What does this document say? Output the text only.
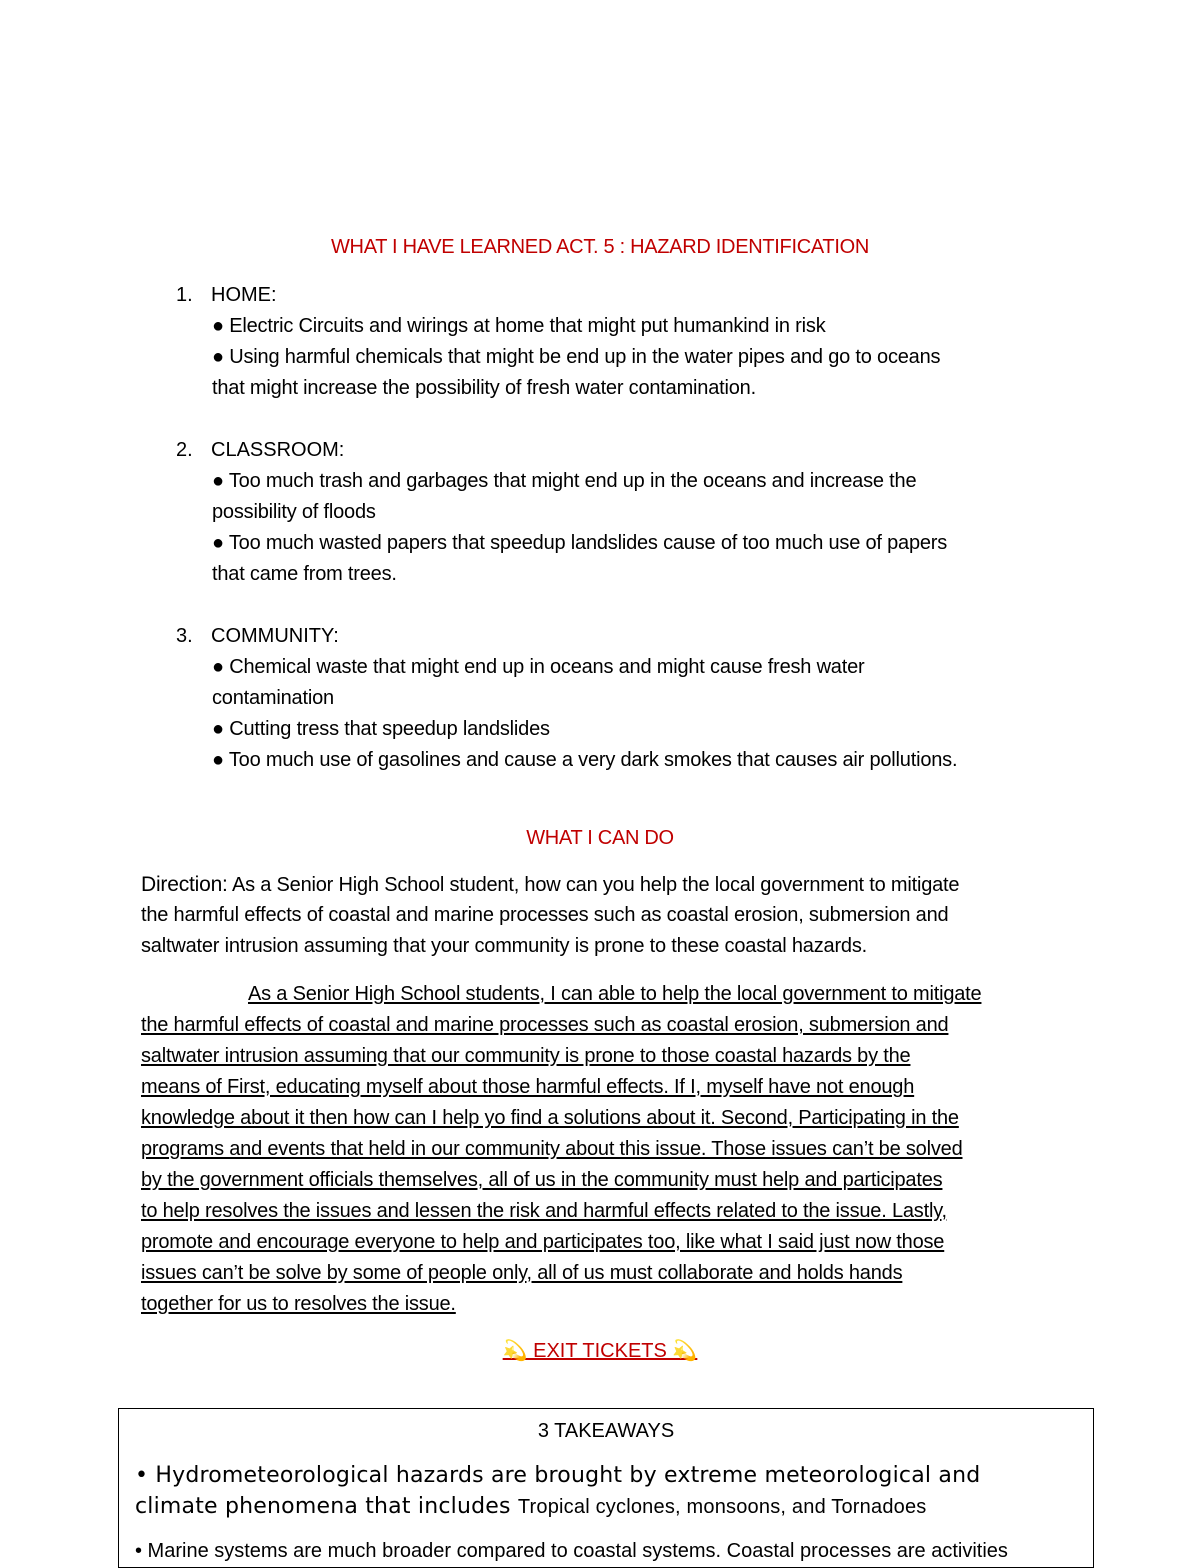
WHAT I HAVE LEARNED ACT. 5 : HAZARD IDENTIFICATION
1. HOME:
● Electric Circuits and wirings at home that might put humankind in risk
● Using harmful chemicals that might be end up in the water pipes and go to oceans
that might increase the possibility of fresh water contamination.
2. CLASSROOM:
● Too much trash and garbages that might end up in the oceans and increase the
possibility of floods
● Too much wasted papers that speedup landslides cause of too much use of papers
that came from trees.
3. COMMUNITY:
● Chemical waste that might end up in oceans and might cause fresh water
contamination
● Cutting tress that speedup landslides
● Too much use of gasolines and cause a very dark smokes that causes air pollutions.
WHAT I CAN DO
Direction: As a Senior High School student, how can you help the local government to mitigate
the harmful effects of coastal and marine processes such as coastal erosion, submersion and
saltwater intrusion assuming that your community is prone to these coastal hazards.
As a Senior High School students, I can able to help the local government to mitigate
the harmful effects of coastal and marine processes such as coastal erosion, submersion and
saltwater intrusion assuming that our community is prone to those coastal hazards by the
means of First, educating myself about those harmful effects. If I, myself have not enough
knowledge about it then how can I help yo find a solutions about it. Second, Participating in the
programs and events that held in our community about this issue. Those issues can’t be solved
by the government officials themselves, all of us in the community must help and participates
to help resolves the issues and lessen the risk and harmful effects related to the issue. Lastly,
promote and encourage everyone to help and participates too, like what I said just now those
issues can’t be solve by some of people only, all of us must collaborate and holds hands
together for us to resolves the issue.
💫 EXIT TICKETS 💫
3 TAKEAWAYS
• Hydrometeorological hazards are brought by extreme meteorological and
climate phenomena that includes Tropical cyclones, monsoons, and Tornadoes
• Marine systems are much broader compared to coastal systems. Coastal processes are activities
